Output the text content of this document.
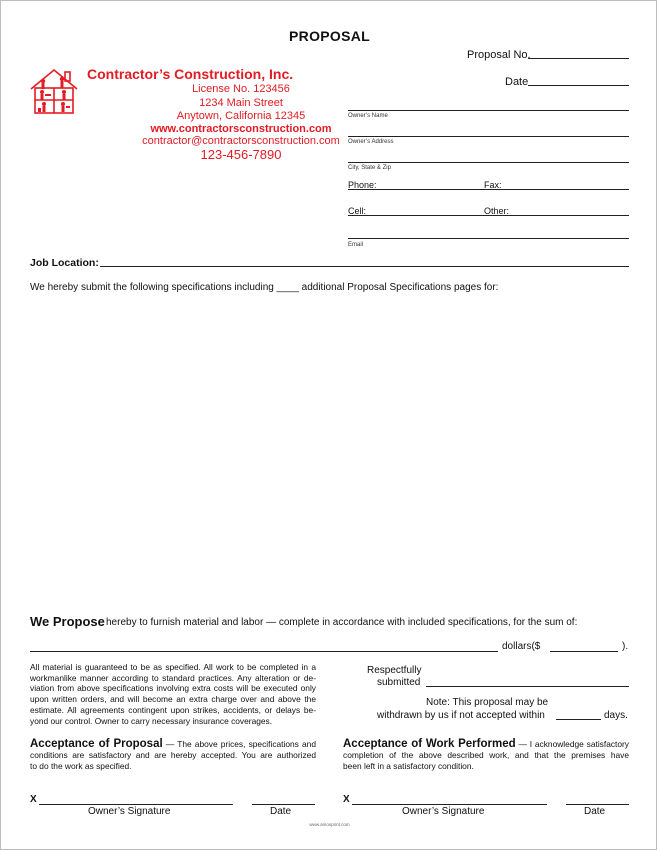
PROPOSAL
Proposal No.
Date
Contractor’s Construction, Inc.
License No. 123456
1234 Main Street
Anytown, California 12345
www.contractorsconstruction.com
contractor@contractorsconstruction.com
123-456-7890
Owner’s Name
Owner’s Address
City, State & Zip
Phone:	Fax:
Cell:	Other:
Email
Job Location:
We hereby submit the following specifications including ____ additional Proposal Specifications pages for:
We Propose hereby to furnish material and labor — complete in accordance with included specifications, for the sum of:
dollars($	).
All material is guaranteed to be as specified. All work to be completed in a
workmanlike manner according to standard practices. Any alteration or de-
viation from above specifications involving extra costs will be executed only
upon written orders, and will become an extra charge over and above the
estimate. All agreements contingent upon strikes, accidents, or delays be-
yond our control. Owner to carry necessary insurance coverages.
Respectfully
submitted
Note: This proposal may be
withdrawn by us if not accepted within	days.
Acceptance of Proposal — The above prices, specifications and
conditions are satisfactory and are hereby accepted. You are authorized
to do the work as specified.
Acceptance of Work Performed — I acknowledge satisfactory
completion of the above described work, and that the premises have
been left in a satisfactory condition.
X
Owner’s Signature	Date
X
Owner’s Signature	Date
www.amosprint.com
